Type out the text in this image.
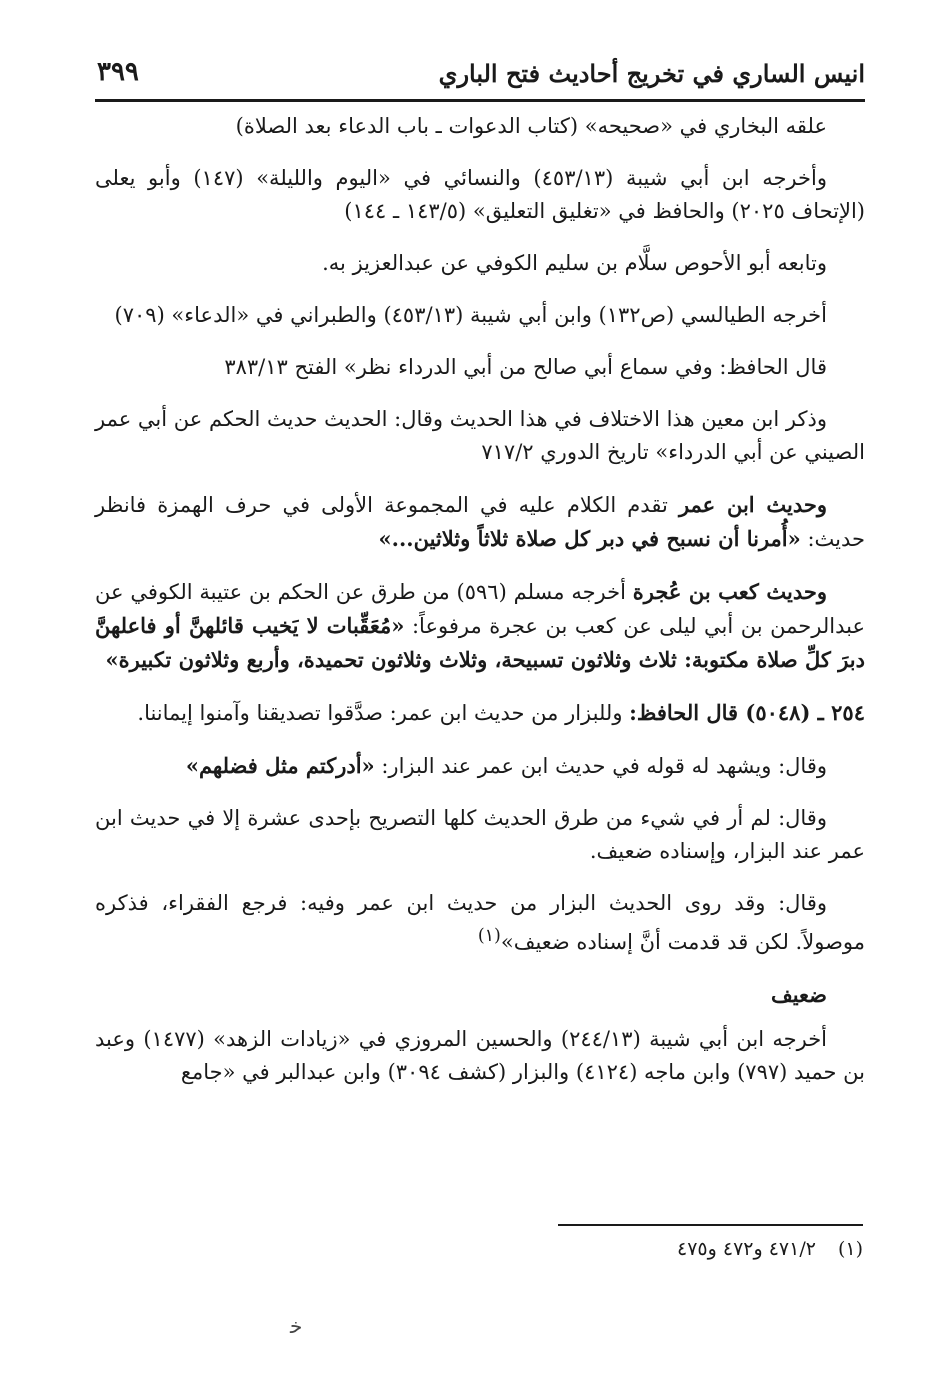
انيس الساري في تخريج أحاديث فتح الباري
٣٩٩

علقه البخاري في «صحيحه» (كتاب الدعوات ـ باب الدعاء بعد الصلاة)

وأخرجه ابن أبي شيبة (٤٥٣/١٣) والنسائي في «اليوم والليلة» (١٤٧) وأبو يعلى (الإتحاف ٢٠٢٥) والحافظ في «تغليق التعليق» (١٤٣/٥ ـ ١٤٤)

وتابعه أبو الأحوص سلَّام بن سليم الكوفي عن عبدالعزيز به.

أخرجه الطيالسي (ص١٣٢) وابن أبي شيبة (٤٥٣/١٣) والطبراني في «الدعاء» (٧٠٩)

قال الحافظ: وفي سماع أبي صالح من أبي الدرداء نظر» الفتح ٣٨٣/١٣

وذكر ابن معين هذا الاختلاف في هذا الحديث وقال: الحديث حديث الحكم عن أبي عمر الصيني عن أبي الدرداء» تاريخ الدوري ٧١٧/٢

وحديث ابن عمر تقدم الكلام عليه في المجموعة الأولى في حرف الهمزة فانظر حديث: «أُمرنا أن نسبح في دبر كل صلاة ثلاثاً وثلاثين...»

وحديث كعب بن عُجرة أخرجه مسلم (٥٩٦) من طرق عن الحكم بن عتيبة الكوفي عن عبدالرحمن بن أبي ليلى عن كعب بن عجرة مرفوعاً: «مُعَقِّبات لا يَخيب قائلهنَّ أو فاعلهنَّ دبرَ كلِّ صلاة مكتوبة: ثلاث وثلاثون تسبيحة، وثلاث وثلاثون تحميدة، وأربع وثلاثون تكبيرة»

٢٥٤ ـ (٥٠٤٨) قال الحافظ: وللبزار من حديث ابن عمر: صدَّقوا تصديقنا وآمنوا إيماننا.

وقال: ويشهد له قوله في حديث ابن عمر عند البزار: «أدركتم مثل فضلهم»

وقال: لم أر في شيء من طرق الحديث كلها التصريح بإحدى عشرة إلا في حديث ابن عمر عند البزار، وإسناده ضعيف.

وقال: وقد روى الحديث البزار من حديث ابن عمر وفيه: فرجع الفقراء، فذكره موصولاً. لكن قد قدمت أنَّ إسناده ضعيف»$^{(١)}$

ضعيف

أخرجه ابن أبي شيبة (٢٤٤/١٣) والحسين المروزي في «زيادات الزهد» (١٤٧٧) وعبد بن حميد (٧٩٧) وابن ماجه (٤١٢٤) والبزار (كشف ٣٠٩٤) وابن عبدالبر في «جامع

(١)٤٧١/٢ و٤٧٢ و٤٧٥
ﺧ
